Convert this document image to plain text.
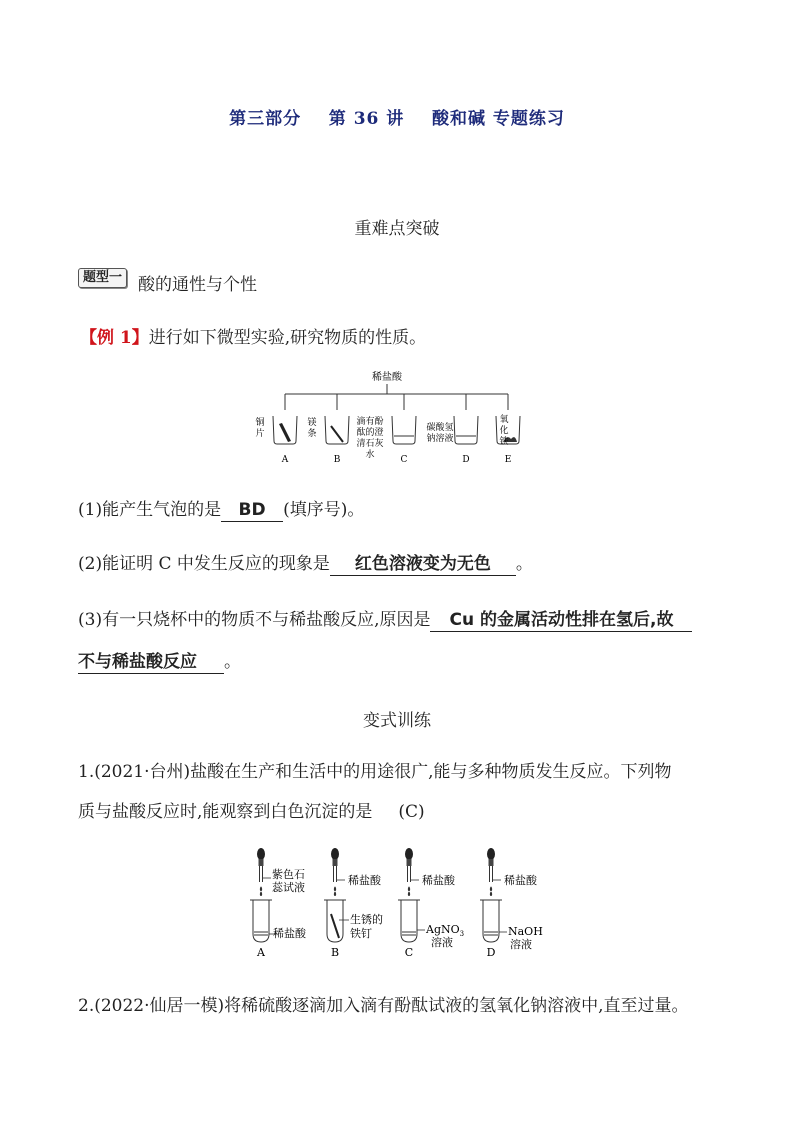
第三部分 第 36 讲 酸和碱 专题练习
重难点突破
题型一 酸的通性与个性
【例 1】进行如下微型实验,研究物质的性质。
稀盐酸
铜
片
镁
条
滴有酚
酞的澄
清石灰
水
碳酸氢
钠溶液
氧
化
铁
A	B	C	D	E
(1)能产生气泡的是 BD (填序号)。
(2)能证明 C 中发生反应的现象是 红色溶液变为无色 。
(3)有一只烧杯中的物质不与稀盐酸反应,原因是 Cu 的金属活动性排在氢后,故
不与稀盐酸反应 。
变式训练
1.(2021·台州)盐酸在生产和生活中的用途很广,能与多种物质发生反应。下列物
质与盐酸反应时,能观察到白色沉淀的是 (C)
紫色石
蕊试液
稀盐酸
稀盐酸
生锈的
铁钉
稀盐酸
AgNO$_3$
溶液
稀盐酸
NaOH
溶液
A	B	C	D
2.(2022·仙居一模)将稀硫酸逐滴加入滴有酚酞试液的氢氧化钠溶液中,直至过量。
